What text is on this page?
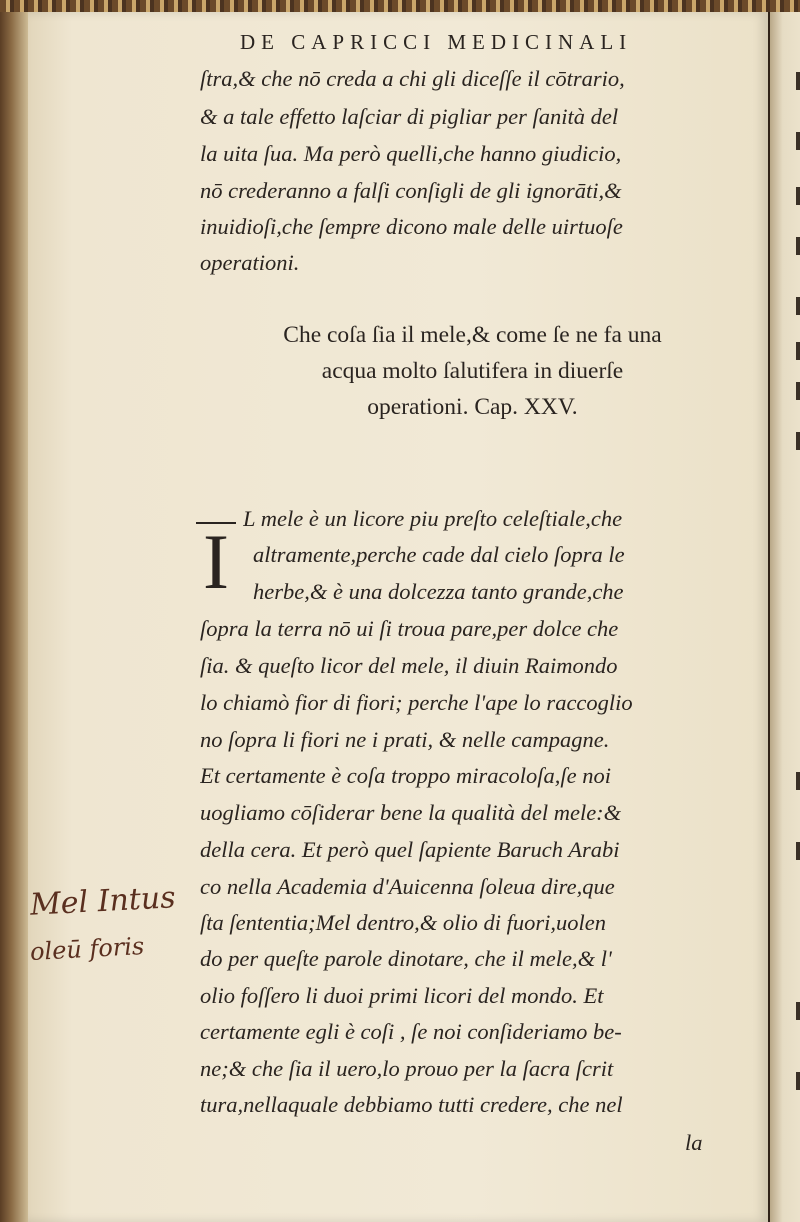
DE CAPRICCI MEDICINALI
ſtra,& che nō creda a chi gli diceſſe il cōtrario,
& a tale effetto laſciar di pigliar per ſanità del
la uita ſua. Ma però quelli,che hanno giudicio,
nō crederanno a falſi conſigli de gli ignorāti,&
inuidioſi,che ſempre dicono male delle uirtuoſe
operationi.
Che coſa ſia il mele,& come ſe ne fa una
acqua molto ſalutifera in diuerſe
operationi. Cap. XXV.
I L mele è un licore piu preſto celeſtiale,che
altramente,perche cade dal cielo ſopra le
herbe,& è una dolcezza tanto grande,che
ſopra la terra nō ui ſi troua pare,per dolce che
ſia. & queſto licor del mele, il diuin Raimondo
lo chiamò fior di fiori; perche l'ape lo raccoglio
no ſopra li fiori ne i prati, & nelle campagne.
Et certamente è coſa troppo miracoloſa,ſe noi
uogliamo cōſiderar bene la qualità del mele:&
della cera. Et però quel ſapiente Baruch Arabi
co nella Academia d'Auicenna ſoleua dire,que
ſta ſententia;Mel dentro,& olio di fuori,uolen
do per queſte parole dinotare, che il mele,& l'
olio foſſero li duoi primi licori del mondo. Et
certamente egli è coſi , ſe noi conſideriamo be-
ne;& che ſia il uero,lo prouo per la ſacra ſcrit
tura,nellaquale debbiamo tutti credere, che nel
la
Mel Intus
oleū foris
